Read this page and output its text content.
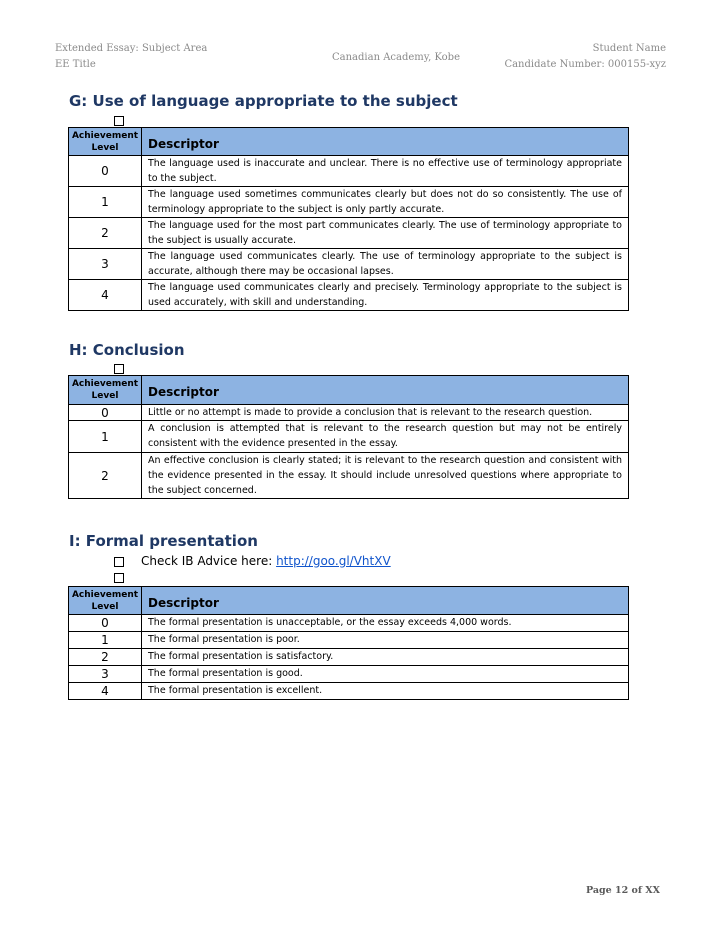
Extended Essay: Subject Area
EE Title
Canadian Academy, Kobe
Student Name
Candidate Number: 000155-xyz
G: Use of language appropriate to the subject
Achievement
Level	Descriptor
0	The language used is inaccurate and unclear. There is no effective use of terminology appropriate to the subject.
1	The language used sometimes communicates clearly but does not do so consistently. The use of terminology appropriate to the subject is only partly accurate.
2	The language used for the most part communicates clearly. The use of terminology appropriate to the subject is usually accurate.
3	The language used communicates clearly. The use of terminology appropriate to the subject is accurate, although there may be occasional lapses.
4	The language used communicates clearly and precisely. Terminology appropriate to the subject is used accurately, with skill and understanding.
H: Conclusion
Achievement
Level	Descriptor
0	Little or no attempt is made to provide a conclusion that is relevant to the research question.
1	A conclusion is attempted that is relevant to the research question but may not be entirely consistent with the evidence presented in the essay.
2	An effective conclusion is clearly stated; it is relevant to the research question and consistent with the evidence presented in the essay. It should include unresolved questions where appropriate to the subject concerned.
I: Formal presentation
Check IB Advice here: http://goo.gl/VhtXV
Achievement
Level	Descriptor
0	The formal presentation is unacceptable, or the essay exceeds 4,000 words.
1	The formal presentation is poor.
2	The formal presentation is satisfactory.
3	The formal presentation is good.
4	The formal presentation is excellent.
Page 12 of XX
